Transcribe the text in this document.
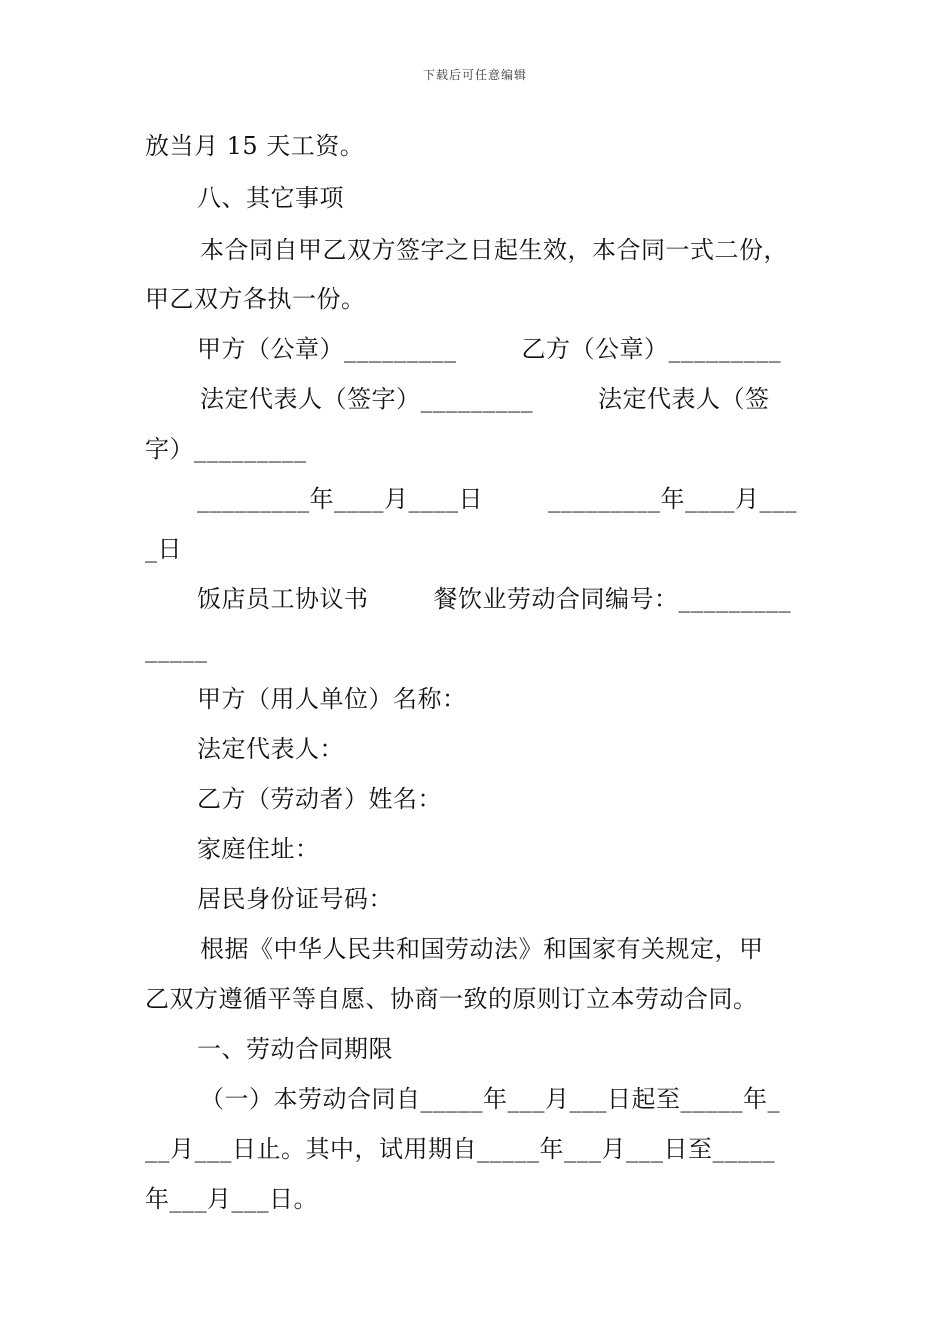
下载后可任意编辑
放当月 15 天工资。
八、其它事项
本合同自甲乙双方签字之日起生效，本合同一式二份，
甲乙双方各执一份。
甲方（公章）_________        乙方（公章）_________
法定代表人（签字）_________        法定代表人（签
字）_________
_________年____月____日        _________年____月___
_日
饭店员工协议书        餐饮业劳动合同编号：_________
_____
甲方（用人单位）名称：
法定代表人：
乙方（劳动者）姓名：
家庭住址：
居民身份证号码：
根据《中华人民共和国劳动法》和国家有关规定，甲
乙双方遵循平等自愿、协商一致的原则订立本劳动合同。
一、劳动合同期限
（一）本劳动合同自_____年___月___日起至_____年_
__月___日止。其中，试用期自_____年___月___日至_____
年___月___日。
